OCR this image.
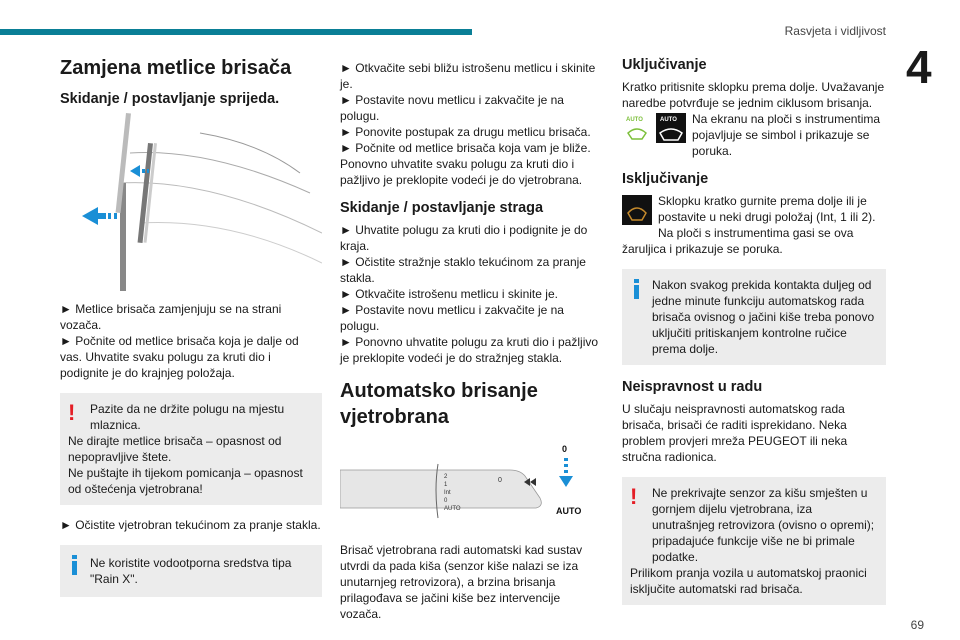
Rasvjeta i vidljivost
4
69
Zamjena metlice brisača
Skidanje / postavljanje sprijeda.

► Metlice brisača zamjenjuju se na strani vozača.
► Počnite od metlice brisača koja je dalje od vas. Uhvatite svaku polugu za kruti dio i podignite je do krajnjeg položaja.

!	Pazite da ne držite polugu na mjestu mlaznica.

Ne dirajte metlice brisača – opasnost od nepopravljive štete.

Ne puštajte ih tijekom pomicanja – opasnost od oštećenja vjetrobrana!

► Očistite vjetrobran tekućinom za pranje stakla.

Ne koristite vodootporna sredstva tipa "Rain X".

► Otkvačite sebi bližu istrošenu metlicu i skinite je.
► Postavite novu metlicu i zakvačite je na polugu.
► Ponovite postupak za drugu metlicu brisača.
► Počnite od metlice brisača koja vam je bliže. Ponovno uhvatite svaku polugu za kruti dio i pažljivo je preklopite vodeći je do vjetrobrana.

Skidanje / postavljanje straga

► Uhvatite polugu za kruti dio i podignite je do kraja.
► Očistite stražnje staklo tekućinom za pranje stakla.
► Otkvačite istrošenu metlicu i skinite je.
► Postavite novu metlicu i zakvačite je na polugu.
► Ponovno uhvatite polugu za kruti dio i pažljivo je preklopite vodeći je do stražnjeg stakla.

Automatsko brisanje vjetrobrana
2
1
Int
0
AUTO
0
0
AUTO

Brisač vjetrobrana radi automatski kad sustav utvrdi da pada kiša (senzor kiše nalazi se iza unutarnjeg retrovizora), a brzina brisanja prilagođava se jačini kiše bez intervencije vozača.

Uključivanje

Kratko pritisnite sklopku prema dolje. Uvažavanje naredbe potvrđuje se jednim ciklusom brisanja.

AUTO	AUTO	Na ekranu na ploči s instrumentima pojavljuje se simbol i prikazuje se poruka.

Isključivanje

Sklopku kratko gurnite prema dolje ili je postavite u neki drugi položaj (Int, 1 ili 2). Na ploči s instrumentima gasi se ova žaruljica i prikazuje se poruka.

Nakon svakog prekida kontakta duljeg od jedne minute funkciju automatskog rada brisača ovisnog o jačini kiše treba ponovo uključiti pritiskanjem kontrolne ručice prema dolje.

Neispravnost u radu

U slučaju neispravnosti automatskog rada brisača, brisači će raditi isprekidano. Neka problem provjeri mreža PEUGEOT ili neka stručna radionica.

!	Ne prekrivajte senzor za kišu smješten u gornjem dijelu vjetrobrana, iza unutrašnjeg retrovizora (ovisno o opremi); pripadajuće funkcije više ne bi primale podatke.

Prilikom pranja vozila u automatskoj praonici isključite automatski rad brisača.
